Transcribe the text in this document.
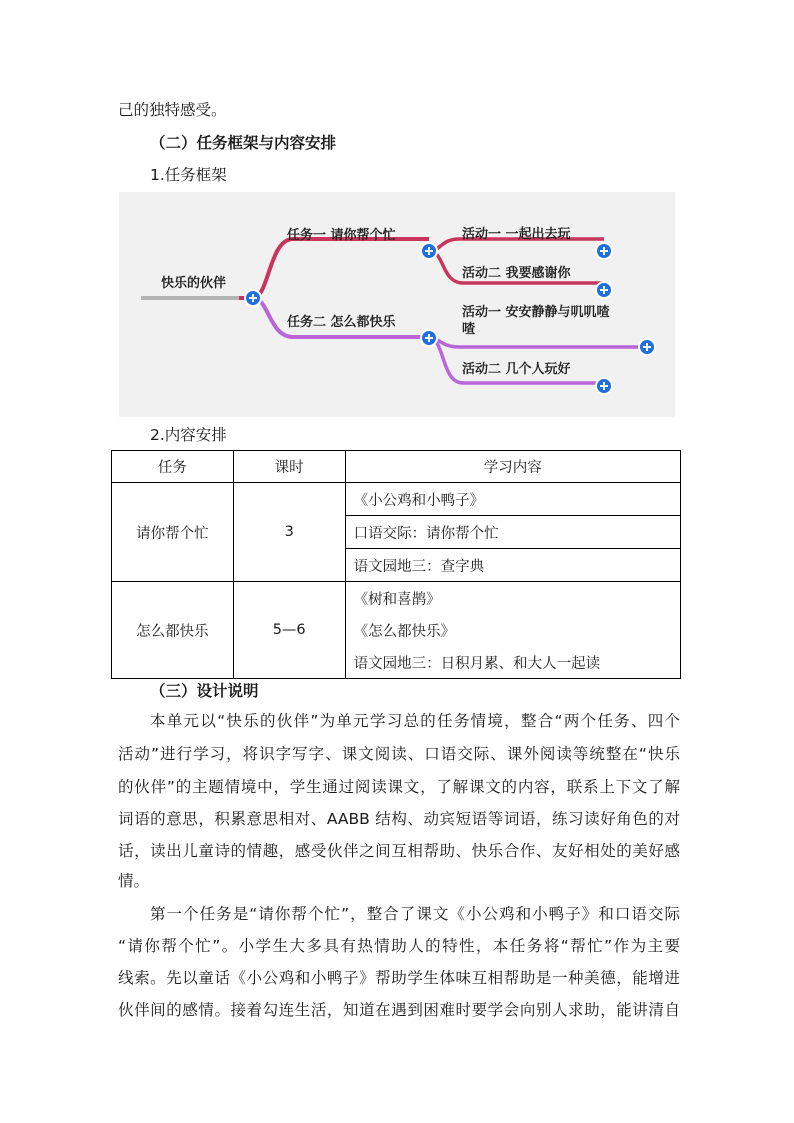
己的独特感受。
（二）任务框架与内容安排
1.任务框架
快乐的伙伴
任务一 请你帮个忙
任务二 怎么都快乐
活动一 一起出去玩
活动二 我要感谢你
活动一 安安静静与叽叽喳
喳
活动二 几个人玩好
2.内容安排
任务	课时	学习内容
请你帮个忙	3	《小公鸡和小鸭子》
		口语交际：请你帮个忙
		语文园地三：查字典
怎么都快乐	5—6	《树和喜鹊》
		《怎么都快乐》
		语文园地三：日积月累、和大人一起读
（三）设计说明
本单元以“快乐的伙伴”为单元学习总的任务情境，整合“两个任务、四个
活动”进行学习，将识字写字、课文阅读、口语交际、课外阅读等统整在“快乐
的伙伴”的主题情境中，学生通过阅读课文，了解课文的内容，联系上下文了解
词语的意思，积累意思相对、AABB 结构、动宾短语等词语，练习读好角色的对
话，读出儿童诗的情趣，感受伙伴之间互相帮助、快乐合作、友好相处的美好感
情。
第一个任务是“请你帮个忙”，整合了课文《小公鸡和小鸭子》和口语交际
“请你帮个忙”。小学生大多具有热情助人的特性，本任务将“帮忙”作为主要
线索。先以童话《小公鸡和小鸭子》帮助学生体味互相帮助是一种美德，能增进
伙伴间的感情。接着勾连生活，知道在遇到困难时要学会向别人求助，能讲清自
